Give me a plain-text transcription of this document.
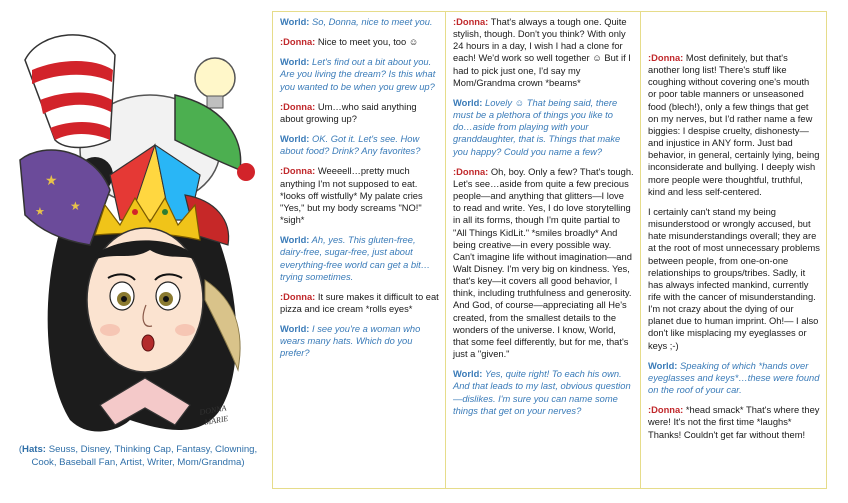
★
★
★
DONNA
MARIE
(Hats: Seuss, Disney, Thinking Cap, Fantasy, Clowning, Cook, Baseball Fan, Artist, Writer, Mom/Grandma)

World: So, Donna, nice to meet you.

:Donna: Nice to meet you, too ☺

World: Let's find out a bit about you. Are you living the dream? Is this what you wanted to be when you grew up?

:Donna: Um…who said anything about growing up?

World: OK. Got it. Let's see. How about food? Drink? Any favorites?

:Donna: Weeeell…pretty much anything I'm not supposed to eat. *looks off wistfully* My palate cries "Yes," but my body screams "NO!" *sigh*

World: Ah, yes. This gluten-free, dairy-free, sugar-free, just about everything-free world can get a bit…trying sometimes.

:Donna: It sure makes it difficult to eat pizza and ice cream *rolls eyes*

World: I see you're a woman who wears many hats. Which do you prefer?

:Donna: That's always a tough one. Quite stylish, though. Don't you think? With only 24 hours in a day, I wish I had a clone for each! We'd work so well together ☺ But if I had to pick just one, I'd say my Mom/Grandma crown *beams*

World: Lovely ☺ That being said, there must be a plethora of things you like to do…aside from playing with your granddaughter, that is. Things that make you happy? Could you name a few?

:Donna: Oh, boy. Only a few? That's tough. Let's see…aside from quite a few precious people—and anything that glitters—I love to read and write. Yes, I do love storytelling in all its forms, though I'm quite partial to "All Things KidLit." *smiles broadly* And being creative—in every possible way. Can't imagine life without imagination—and Walt Disney. I'm very big on kindness. Yes, that's key—it covers all good behavior, I think, including truthfulness and generosity. And God, of course—appreciating all He's created, from the smallest details to the wonders of the universe. I know, World, that some feel differently, but for me, that's just a "given."

World: Yes, quite right! To each his own. And that leads to my last, obvious question—dislikes. I'm sure you can name some things that get on your nerves?

:Donna: Most definitely, but that's another long list! There's stuff like coughing without covering one's mouth or poor table manners or unseasoned food (blech!), only a few things that get on my nerves, but I'd rather name a few biggies: I despise cruelty, dishonesty—and injustice in ANY form. Just bad behavior, in general, certainly lying, being inconsiderate and bullying. I deeply wish more people were thoughtful, truthful, kind and less self-centered.

I certainly can't stand my being misunderstood or wrongly accused, but hate misunderstandings overall; they are at the root of most unnecessary problems between people, from one-on-one relationships to groups/tribes. Sadly, it has always infected mankind, currently rife with the cancer of misunderstanding. I'm not crazy about the dying of our planet due to human imprint. Oh!— I also don't like misplacing my eyeglasses or keys ;-)

World: Speaking of which *hands over eyeglasses and keys*…these were found on the roof of your car.

:Donna: *head smack* That's where they were! It's not the first time *laughs* Thanks! Couldn't get far without them!
